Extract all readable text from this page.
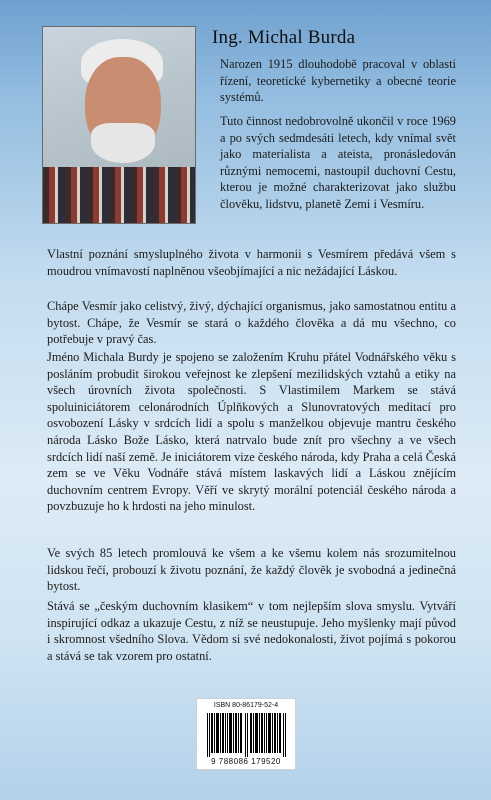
Ing. Michal Burda

Narozen 1915 dlouhodobě pracoval v oblasti řízení, teoretické kybernetiky a obecné teorie systémů.

Tuto činnost nedobrovolně ukončil v roce 1969 a po svých sedmdesáti letech, kdy vnímal svět jako materialista a ateista, pronásledován různými nemocemi, nastoupil duchovní Cestu, kterou je možné charakterizovat jako službu člověku, lidstvu, planetě Zemi i Vesmíru.

Vlastní poznání smysluplného života v harmonii s Vesmírem předává všem s moudrou vnímavostí naplněnou všeobjímající a nic nežádající Láskou.

Chápe Vesmír jako celistvý, živý, dýchající organismus, jako samostatnou entitu a bytost. Chápe, že Vesmír se stará o každého člověka a dá mu všechno, co potřebuje v pravý čas.

Jméno Michala Burdy je spojeno se založením Kruhu přátel Vodnářského věku s posláním probudit širokou veřejnost ke zlepšení mezilidských vztahů a etiky na všech úrovních života společnosti. S Vlastimilem Markem se stává spoluiniciátorem celonárodních Úplňkových a Slunovratových meditací pro osvobození Lásky v srdcích lidí a spolu s manželkou objevuje mantru českého národa Lásko Bože Lásko, která natrvalo bude znít pro všechny a ve všech srdcích lidí naší země. Je iniciátorem vize českého národa, kdy Praha a celá Česká zem se ve Věku Vodnáře stává místem laskavých lidí a Láskou znějícím duchovním centrem Evropy. Věří ve skrytý morální potenciál českého národa a povzbuzuje ho k hrdosti na jeho minulost.

Ve svých 85 letech promlouvá ke všem a ke všemu kolem nás srozumitelnou lidskou řečí, probouzí k životu poznání, že každý člověk je svobodná a jedinečná bytost.

Stává se „českým duchovním klasikem“ v tom nejlepším slova smyslu. Vytváří inspirující odkaz a ukazuje Cestu, z níž se neustupuje. Jeho myšlenky mají původ i skromnost všedního Slova. Vědom si své nedokonalosti, život pojímá s pokorou a stává se tak vzorem pro ostatní.

ISBN 80-86179-52-4
9 788086 179520
